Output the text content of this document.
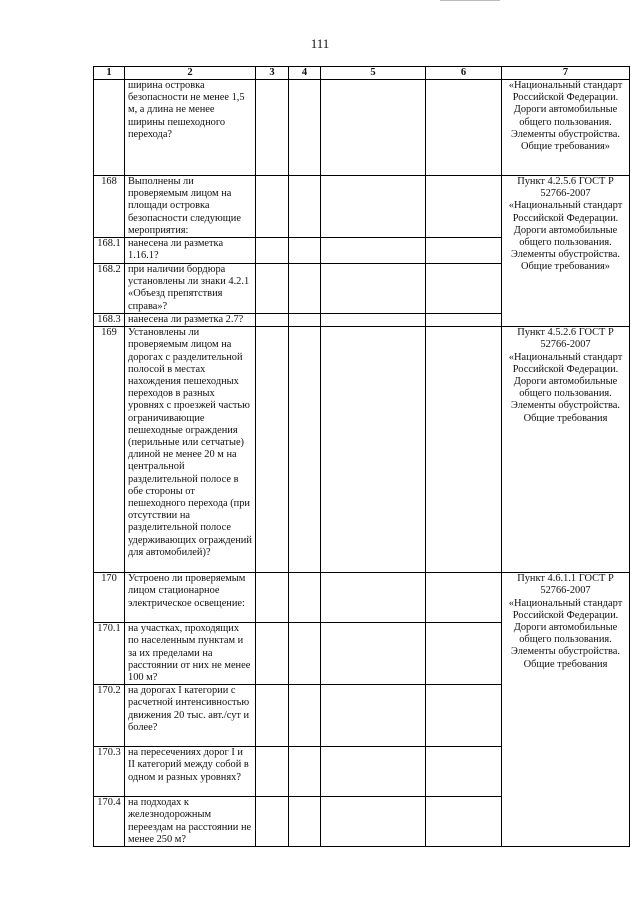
111
1	2	3	4	5	6	7
	ширина островка безопасности не менее 1,5 м, а длина не менее ширины пешеходного перехода?					«Национальный стандарт Российской Федерации. Дороги автомобильные общего пользования. Элементы обустройства. Общие требования»
168	Выполнены ли проверяемым лицом на площади островка безопасности следующие мероприятия:					Пункт 4.2.5.6 ГОСТ Р 52766-2007 «Национальный стандарт Российской Федерации. Дороги автомобильные общего пользования. Элементы обустройства. Общие требования»
168.1	нанесена ли разметка 1.16.1?					
168.2	при наличии бордюра установлены ли знаки 4.2.1 «Объезд препятствия справа»?					
168.3	нанесена ли разметка 2.7?					
169	Установлены ли проверяемым лицом на дорогах с разделительной полосой в местах нахождения пешеходных переходов в разных уровнях с проезжей частью ограничивающие пешеходные ограждения (перильные или сетчатые) длиной не менее 20 м на центральной разделительной полосе в обе стороны от пешеходного перехода (при отсутствии на разделительной полосе удерживающих ограждений для автомобилей)?					Пункт 4.5.2.6 ГОСТ Р 52766-2007 «Национальный стандарт Российской Федерации. Дороги автомобильные общего пользования. Элементы обустройства. Общие требования
170	Устроено ли проверяемым лицом стационарное электрическое освещение:					Пункт 4.6.1.1 ГОСТ Р 52766-2007 «Национальный стандарт Российской Федерации. Дороги автомобильные общего пользования. Элементы обустройства. Общие требования
170.1	на участках, проходящих по населенным пунктам и за их пределами на расстоянии от них не менее 100 м?					
170.2	на дорогах I категории с расчетной интенсивностью движения 20 тыс. авт./сут и более?					
170.3	на пересечениях дорог I и II категорий между собой в одном и разных уровнях?					
170.4	на подходах к железнодорожным переездам на расстоянии не менее 250 м?					
